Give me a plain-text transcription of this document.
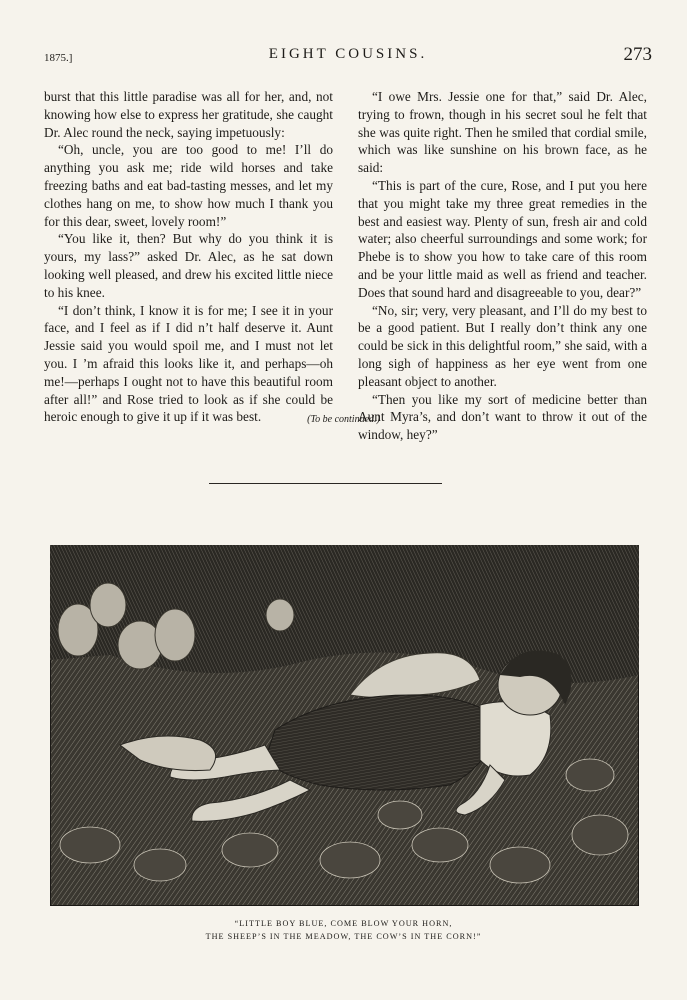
1875.]	EIGHT COUSINS.	273

burst that this little paradise was all for her, and, not knowing how else to express her gratitude, she caught Dr. Alec round the neck, saying impetuously:

“Oh, uncle, you are too good to me! I’ll do anything you ask me; ride wild horses and take freezing baths and eat bad-tasting messes, and let my clothes hang on me, to show how much I thank you for this dear, sweet, lovely room!”

“You like it, then? But why do you think it is yours, my lass?” asked Dr. Alec, as he sat down looking well pleased, and drew his excited little niece to his knee.

“I don’t think, I know it is for me; I see it in your face, and I feel as if I did n’t half deserve it. Aunt Jessie said you would spoil me, and I must not let you. I ’m afraid this looks like it, and perhaps—oh me!—perhaps I ought not to have this beautiful room after all!” and Rose tried to look as if she could be heroic enough to give it up if it was best.

“I owe Mrs. Jessie one for that,” said Dr. Alec, trying to frown, though in his secret soul he felt that she was quite right. Then he smiled that cordial smile, which was like sunshine on his brown face, as he said:

“This is part of the cure, Rose, and I put you here that you might take my three great remedies in the best and easiest way. Plenty of sun, fresh air and cold water; also cheerful surroundings and some work; for Phebe is to show you how to take care of this room and be your little maid as well as friend and teacher. Does that sound hard and disagreeable to you, dear?”

“No, sir; very, very pleasant, and I’ll do my best to be a good patient. But I really don’t think any one could be sick in this delightful room,” she said, with a long sigh of happiness as her eye went from one pleasant object to another.

“Then you like my sort of medicine better than Aunt Myra’s, and don’t want to throw it out of the window, hey?”

(To be continued.)
“LITTLE BOY BLUE, COME BLOW YOUR HORN,
THE SHEEP’S IN THE MEADOW, THE COW’S IN THE CORN!”
